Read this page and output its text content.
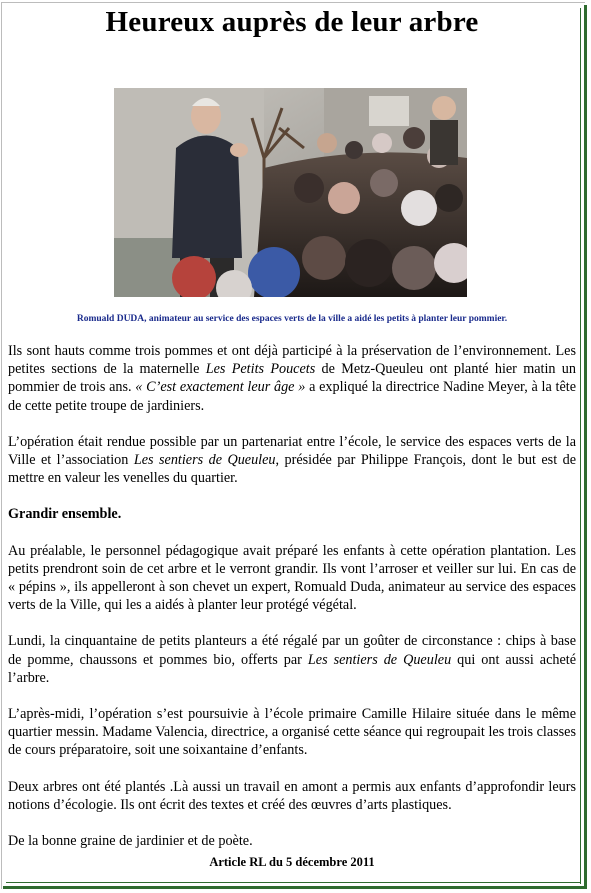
Heureux auprès de leur arbre
Romuald DUDA, animateur au service des espaces verts de la ville a aidé les petits à planter leur pommier.

Ils sont hauts comme trois pommes et ont déjà participé à la préservation de l’environnement. Les petites sections de la maternelle Les Petits Poucets de Metz-Queuleu ont planté hier matin un pommier de trois ans. « C’est exactement leur âge » a expliqué la directrice Nadine Meyer, à la tête de cette petite troupe de jardiniers.

L’opération était rendue possible par un partenariat entre l’école, le service des espaces verts de la Ville et l’association Les sentiers de Queuleu, présidée par Philippe François, dont le but est de mettre en valeur les venelles du quartier.

Grandir ensemble.

Au préalable, le personnel pédagogique avait préparé les enfants à cette opération plantation. Les petits prendront soin de cet arbre et le verront grandir. Ils vont l’arroser et veiller sur lui. En cas de « pépins », ils appelleront à son chevet un expert, Romuald Duda, animateur au service des espaces verts de la Ville, qui les a aidés à planter leur protégé végétal.

Lundi, la cinquantaine de petits planteurs a été régalé par un goûter de circonstance : chips à base de pomme, chaussons et pommes bio, offerts par Les sentiers de Queuleu qui ont aussi acheté l’arbre.

L’après-midi, l’opération s’est poursuivie à l’école primaire Camille Hilaire située dans le même quartier messin. Madame Valencia, directrice, a organisé cette séance qui regroupait les trois classes de cours préparatoire, soit une soixantaine d’enfants.

Deux arbres ont été plantés .Là aussi un travail en amont a permis aux enfants d’approfondir leurs notions d’écologie. Ils ont écrit des textes et créé des œuvres d’arts plastiques.

De la bonne graine de jardinier et de poète.

Article RL du 5 décembre 2011
